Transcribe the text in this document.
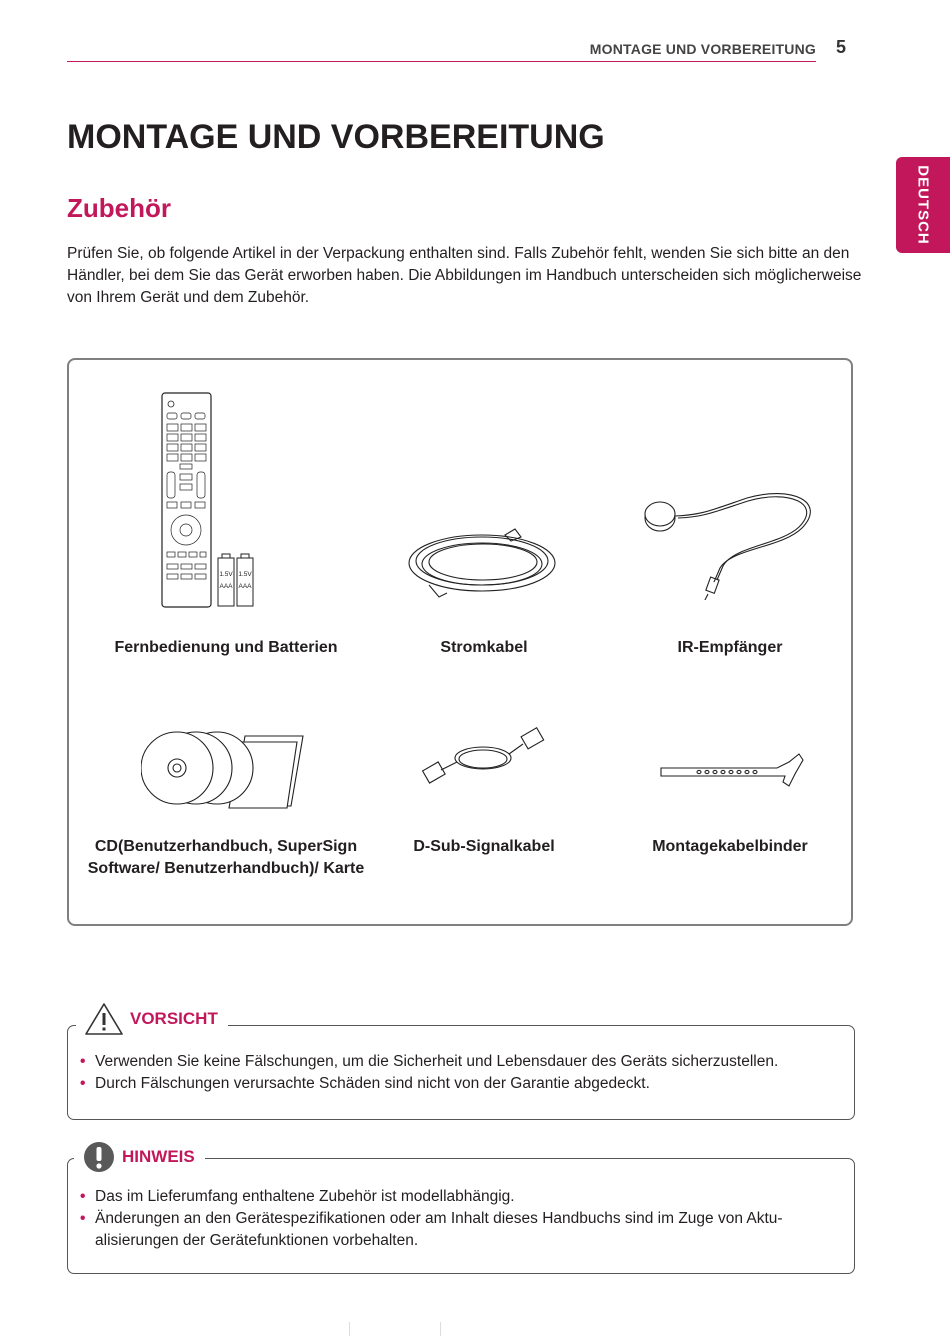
MONTAGE UND VORBEREITUNG 5
DEUTSCH
MONTAGE UND VORBEREITUNG
Zubehör

Prüfen Sie, ob folgende Artikel in der Verpackung enthalten sind. Falls Zubehör fehlt, wenden Sie sich bitte an den Händler, bei dem Sie das Gerät erworben haben. Die Abbildungen im Handbuch unterscheiden sich möglicherweise von Ihrem Gerät und dem Zubehör.

1.5V
AAA
1.5V
AAA
Fernbedienung und Batterien	Stromkabel	IR-Empfänger
CD(Benutzerhandbuch, SuperSign Software/ Benutzerhandbuch)/ Karte
D-Sub-Signalkabel	Montagekabelbinder
VORSICHT
• Verwenden Sie keine Fälschungen, um die Sicherheit und Lebensdauer des Geräts sicherzustellen.
• Durch Fälschungen verursachte Schäden sind nicht von der Garantie abgedeckt.
HINWEIS
• Das im Lieferumfang enthaltene Zubehör ist modellabhängig.
• Änderungen an den Gerätespezifikationen oder am Inhalt dieses Handbuchs sind im Zuge von Aktu-alisierungen der Gerätefunktionen vorbehalten.
